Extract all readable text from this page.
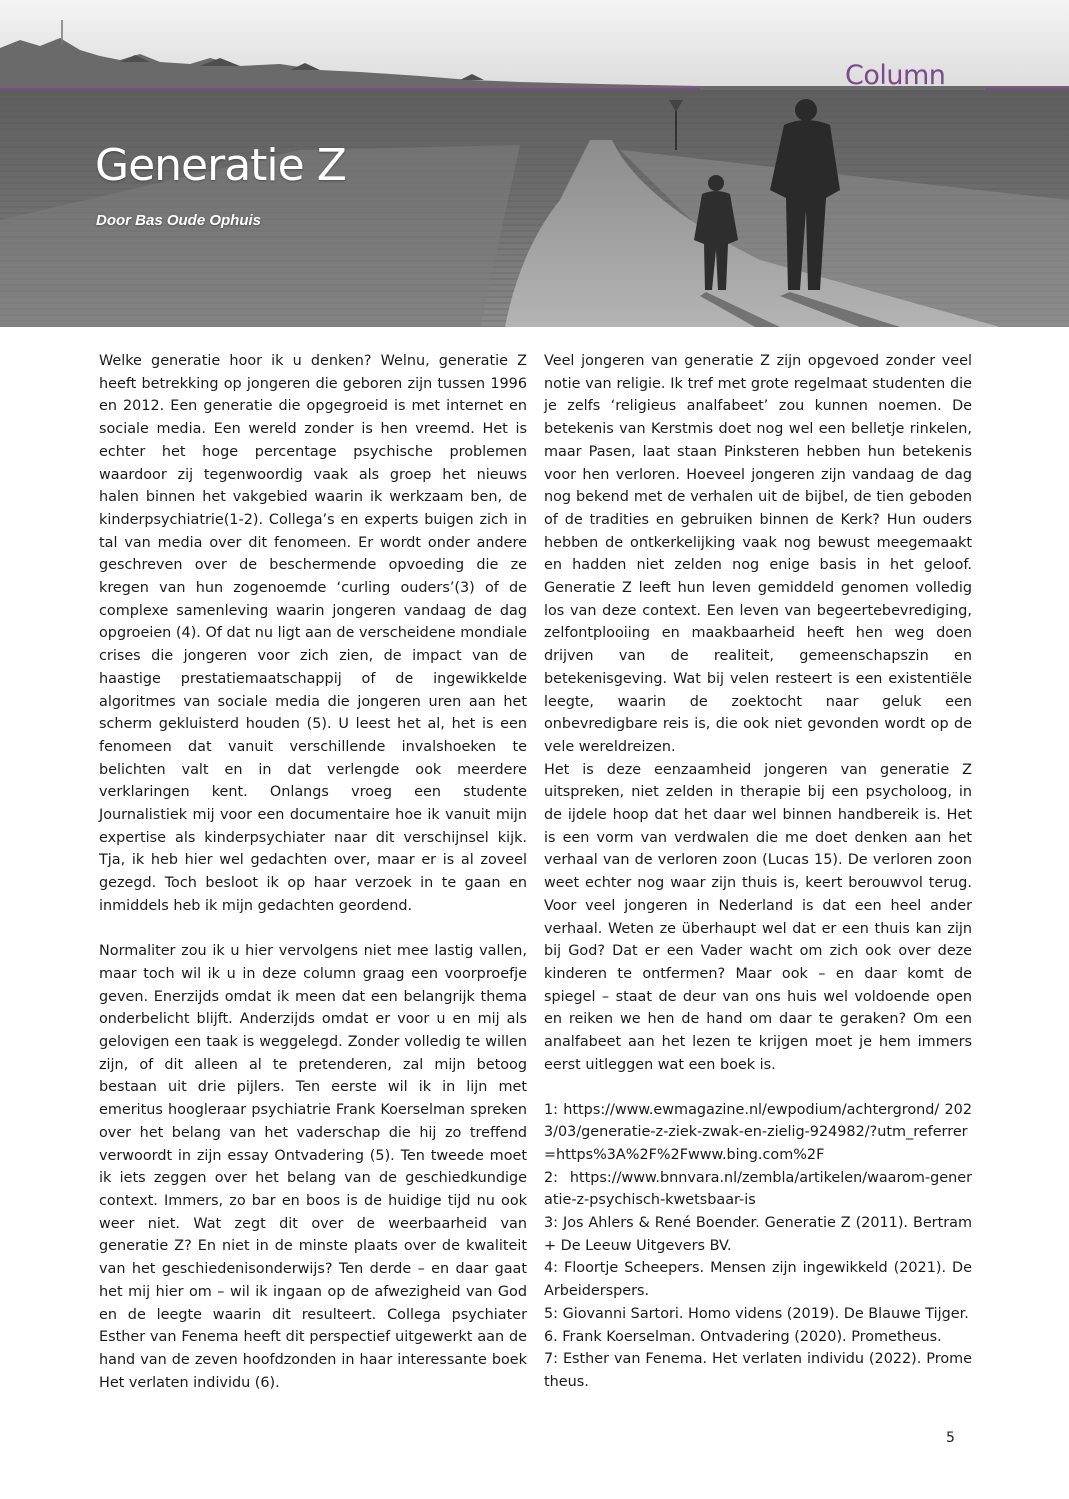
Column
Generatie Z
Door Bas Oude Ophuis

Welke generatie hoor ik u denken? Welnu, generatie Z heeft betrekking op jongeren die geboren zijn tussen 1996 en 2012. Een generatie die opgegroeid is met internet en sociale media. Een wereld zonder is hen vreemd. Het is echter het hoge percentage psychische problemen waardoor zij tegenwoordig vaak als groep het nieuws halen binnen het vakgebied waarin ik werkzaam ben, de kinderpsychiatrie(1-2). Collega’s en experts buigen zich in tal van media over dit fenomeen. Er wordt onder andere geschreven over de beschermende opvoeding die ze kregen van hun zogenoemde ‘curling ouders’(3) of de complexe samenleving waarin jongeren vandaag de dag opgroeien (4). Of dat nu ligt aan de verscheidene mondiale crises die jongeren voor zich zien, de impact van de haastige prestatiemaatschappij of de ingewikkelde algoritmes van sociale media die jongeren uren aan het scherm gekluisterd houden (5). U leest het al, het is een fenomeen dat vanuit verschillende invalshoeken te belichten valt en in dat verlengde ook meerdere verklaringen kent. Onlangs vroeg een studente Journalistiek mij voor een documentaire hoe ik vanuit mijn expertise als kinderpsychiater naar dit verschijnsel kijk. Tja, ik heb hier wel gedachten over, maar er is al zoveel gezegd. Toch besloot ik op haar verzoek in te gaan en inmiddels heb ik mijn gedachten geordend.

Normaliter zou ik u hier vervolgens niet mee lastig vallen, maar toch wil ik u in deze column graag een voorproefje geven. Enerzijds omdat ik meen dat een belangrijk thema onderbelicht blijft. Anderzijds omdat er voor u en mij als gelovigen een taak is weggelegd. Zonder volledig te willen zijn, of dit alleen al te pretenderen, zal mijn betoog bestaan uit drie pijlers. Ten eerste wil ik in lijn met emeritus hoogleraar psychiatrie Frank Koerselman spreken over het belang van het vaderschap die hij zo treffend verwoordt in zijn essay Ontvadering (5). Ten tweede moet ik iets zeggen over het belang van de geschiedkundige context. Immers, zo bar en boos is de huidige tijd nu ook weer niet. Wat zegt dit over de weerbaarheid van generatie Z? En niet in de minste plaats over de kwaliteit van het geschiedenisonderwijs? Ten derde – en daar gaat het mij hier om – wil ik ingaan op de afwezigheid van God en de leegte waarin dit resulteert. Collega psychiater Esther van Fenema heeft dit perspectief uitgewerkt aan de hand van de zeven hoofdzonden in haar interessante boek Het verlaten individu (6).

Veel jongeren van generatie Z zijn opgevoed zonder veel notie van religie. Ik tref met grote regelmaat studenten die je zelfs ‘religieus analfabeet’ zou kunnen noemen. De betekenis van Kerstmis doet nog wel een belletje rinkelen, maar Pasen, laat staan Pinksteren hebben hun betekenis voor hen verloren. Hoeveel jongeren zijn vandaag de dag nog bekend met de verhalen uit de bijbel, de tien geboden of de tradities en gebruiken binnen de Kerk? Hun ouders hebben de ontkerkelijking vaak nog bewust meegemaakt en hadden niet zelden nog enige basis in het geloof. Generatie Z leeft hun leven gemiddeld genomen volledig los van deze context. Een leven van begeertebevrediging, zelfontplooiing en maakbaarheid heeft hen weg doen drijven van de realiteit, gemeenschapszin en betekenisgeving. Wat bij velen resteert is een existentiële leegte, waarin de zoektocht naar geluk een onbevredigbare reis is, die ook niet gevonden wordt op de vele wereldreizen.

Het is deze eenzaamheid jongeren van generatie Z uitspreken, niet zelden in therapie bij een psycholoog, in de ijdele hoop dat het daar wel binnen handbereik is. Het is een vorm van verdwalen die me doet denken aan het verhaal van de verloren zoon (Lucas 15). De verloren zoon weet echter nog waar zijn thuis is, keert berouwvol terug. Voor veel jongeren in Nederland is dat een heel ander verhaal. Weten ze überhaupt wel dat er een thuis kan zijn bij God? Dat er een Vader wacht om zich ook over deze kinderen te ontfermen? Maar ook – en daar komt de spiegel – staat de deur van ons huis wel voldoende open en reiken we hen de hand om daar te geraken? Om een analfabeet aan het lezen te krijgen moet je hem immers eerst uitleggen wat een boek is.

1: https://www.ewmagazine.nl/ewpodium/achtergrond/ 2023/03/generatie-z-ziek-zwak-en-zielig-924982/?utm_referrer=https%3A%2F%2Fwww.bing.com%2F

2: https://www.bnnvara.nl/zembla/artikelen/waarom-generatie-z-psychisch-kwetsbaar-is

3: Jos Ahlers & René Boender. Generatie Z (2011). Bertram + De Leeuw Uitgevers BV.

4: Floortje Scheepers. Mensen zijn ingewikkeld (2021). De Arbeiderspers.

5: Giovanni Sartori. Homo videns (2019). De Blauwe Tijger.

6. Frank Koerselman. Ontvadering (2020). Prometheus.

7: Esther van Fenema. Het verlaten individu (2022). Prometheus.

5
